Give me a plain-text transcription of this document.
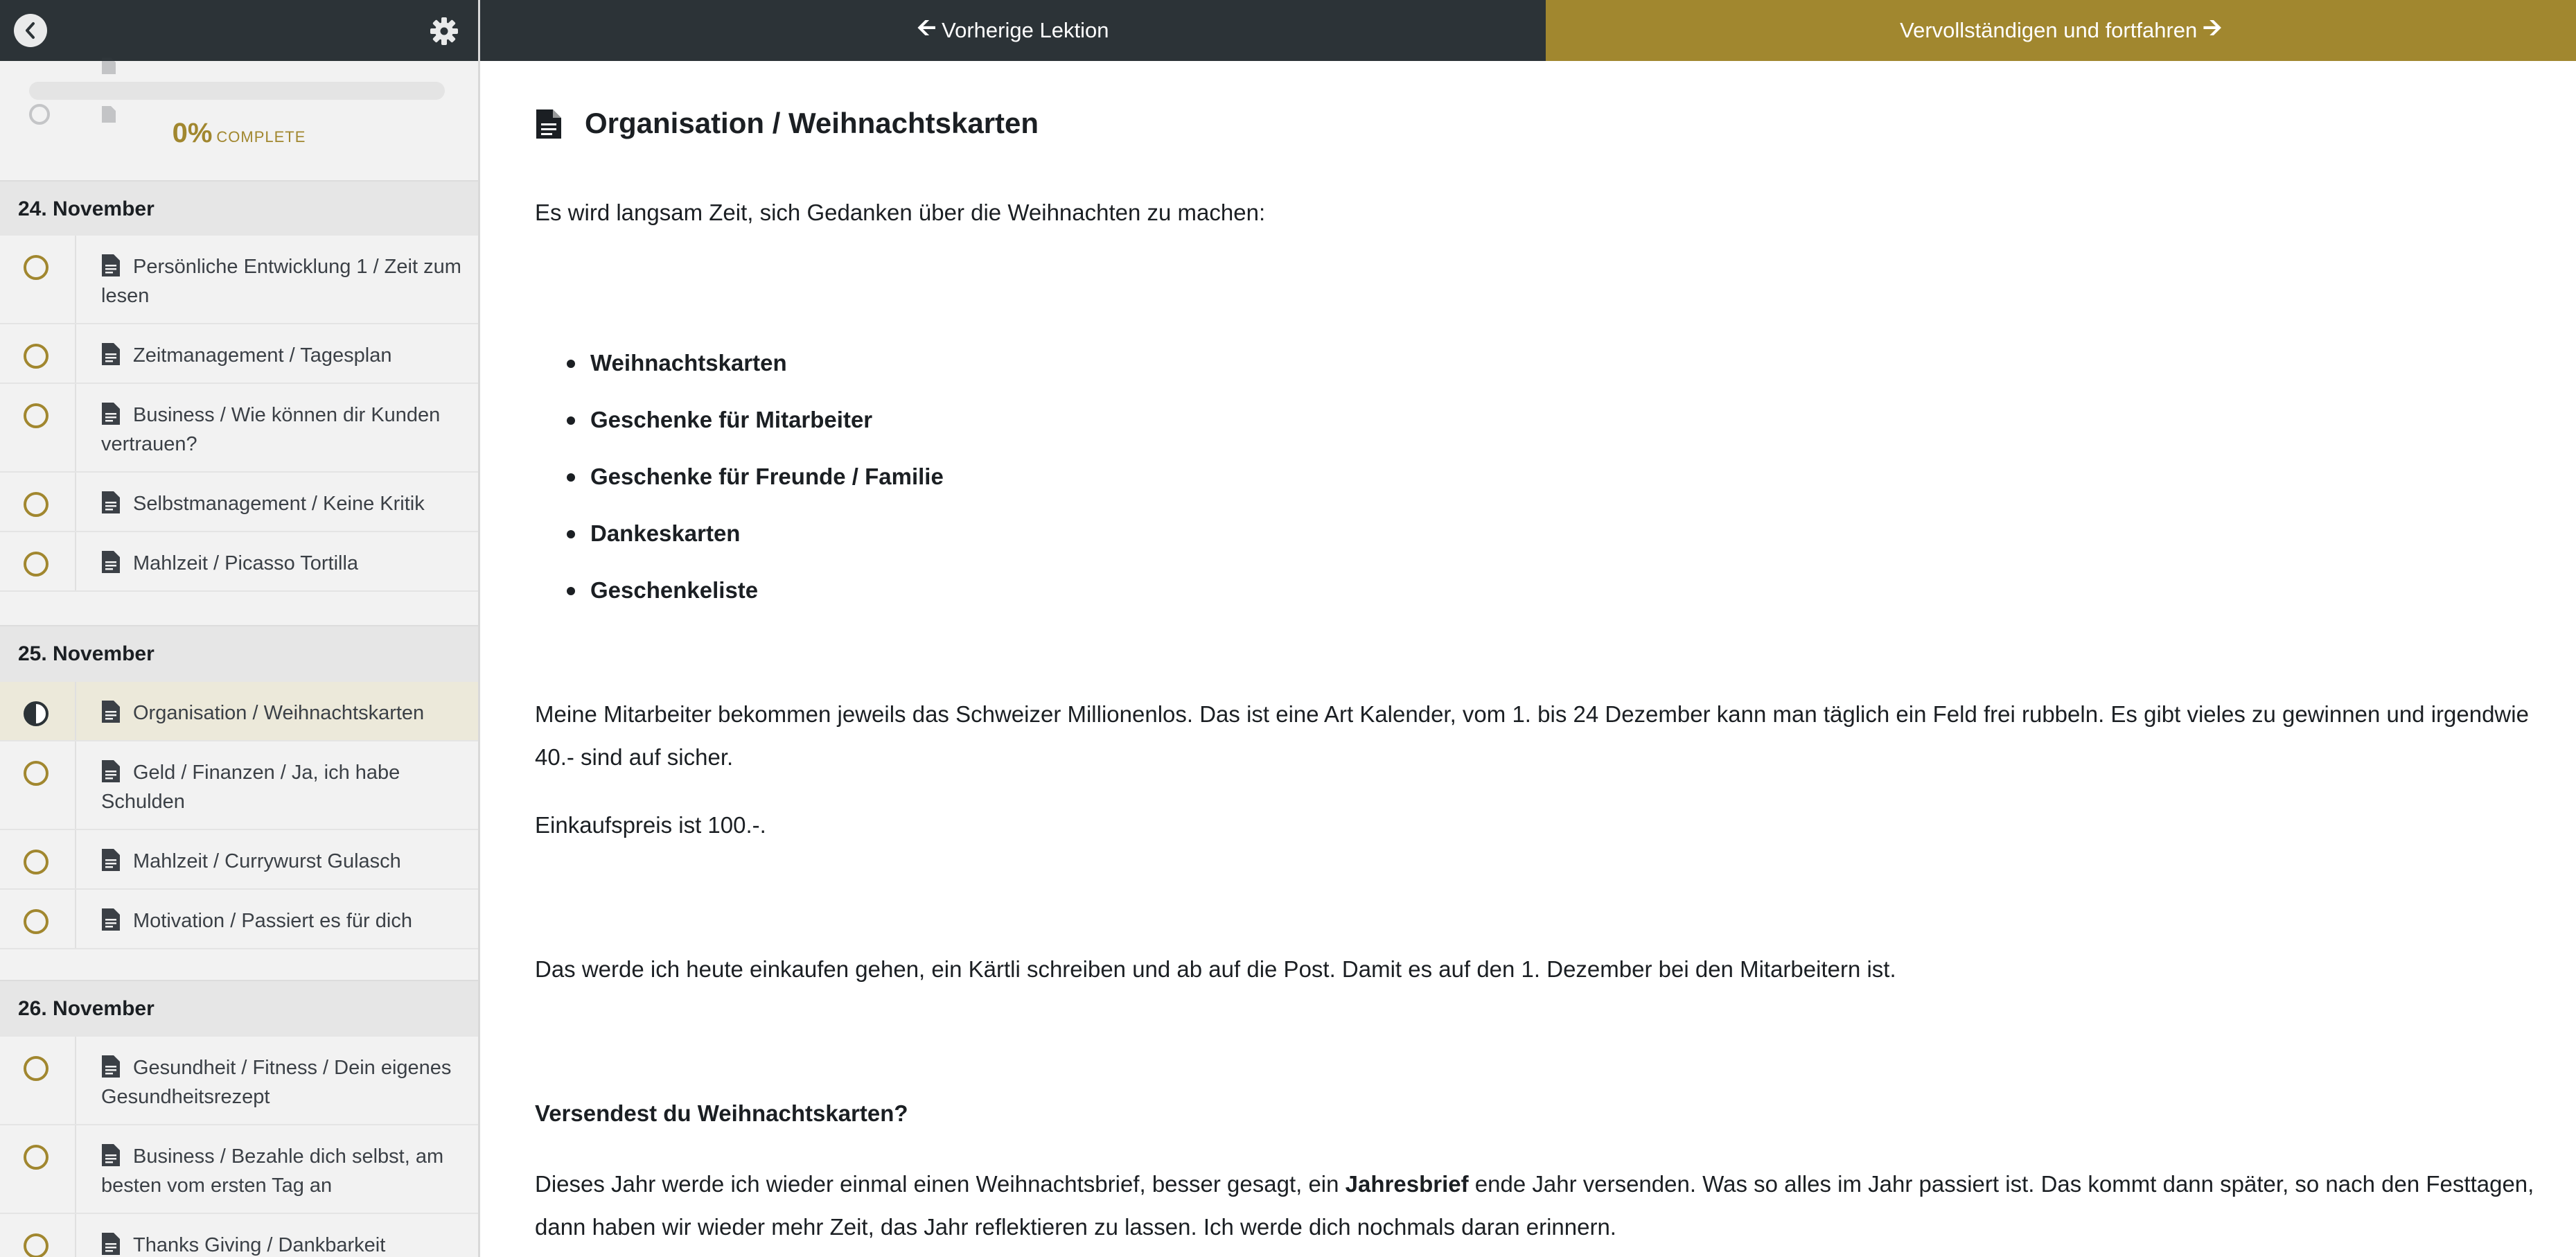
0% COMPLETE
24. November
Persönliche Entwicklung 1 / Zeit zum lesen
Zeitmanagement / Tagesplan
Business / Wie können dir Kunden vertrauen?
Selbstmanagement / Keine Kritik
Mahlzeit / Picasso Tortilla
25. November
Organisation / Weihnachtskarten
Geld / Finanzen / Ja, ich habe Schulden
Mahlzeit / Currywurst Gulasch
Motivation / Passiert es für dich
26. November
Gesundheit / Fitness / Dein eigenes Gesundheitsrezept
Business / Bezahle dich selbst, am besten vom ersten Tag an
Thanks Giving / Dankbarkeit
🡨 Vorherige Lektion	Vervollständigen und fortfahren 🡪
Organisation / Weihnachtskarten

Es wird langsam Zeit, sich Gedanken über die Weihnachten zu machen:

Weihnachtskarten
Geschenke für Mitarbeiter
Geschenke für Freunde / Familie
Dankeskarten
Geschenkeliste

Meine Mitarbeiter bekommen jeweils das Schweizer Millionenlos. Das ist eine Art Kalender, vom 1. bis 24 Dezember kann man täglich ein Feld frei rubbeln. Es gibt vieles zu gewinnen und irgendwie
40.- sind auf sicher.

Einkaufspreis ist 100.-.

Das werde ich heute einkaufen gehen, ein Kärtli schreiben und ab auf die Post. Damit es auf den 1. Dezember bei den Mitarbeitern ist.

Versendest du Weihnachtskarten?

Dieses Jahr werde ich wieder einmal einen Weihnachtsbrief, besser gesagt, ein Jahresbrief ende Jahr versenden. Was so alles im Jahr passiert ist. Das kommt dann später, so nach den Festtagen,
dann haben wir wieder mehr Zeit, das Jahr reflektieren zu lassen. Ich werde dich nochmals daran erinnern.
